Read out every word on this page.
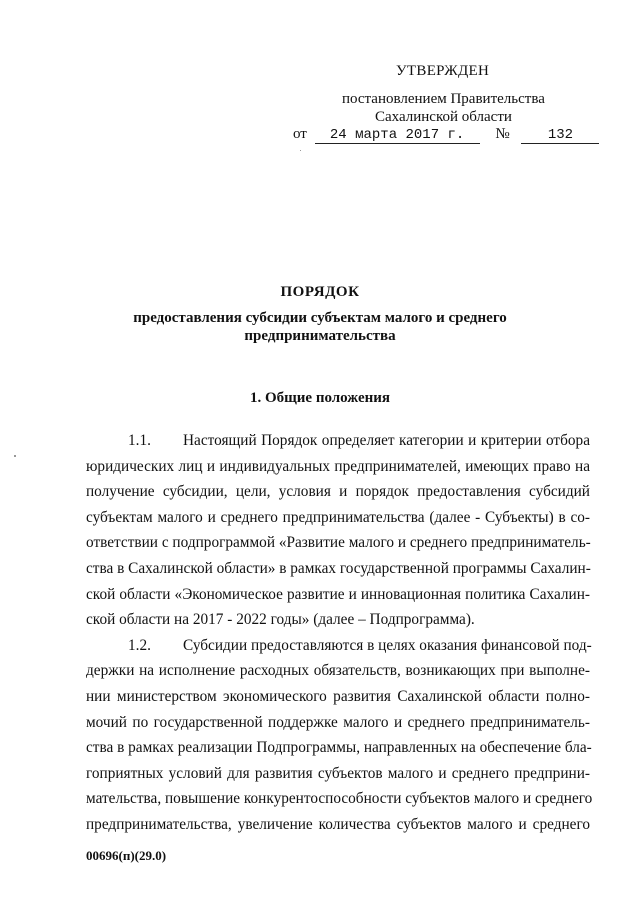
УТВЕРЖДЕН
постановлением Правительства
Сахалинской области
от 24 марта 2017 г. №	132
ПОРЯДОК
предоставления субсидии субъектам малого и среднего
предпринимательства
1. Общие положения
1.1.	Настоящий Порядок определяет категории и критерии отбора
юридических лиц и индивидуальных предпринимателей, имеющих право на
получение субсидии, цели, условия и порядок предоставления субсидий
субъектам малого и среднего предпринимательства (далее - Субъекты) в со-
ответствии с подпрограммой «Развитие малого и среднего предприниматель-
ства в Сахалинской области» в рамках государственной программы Сахалин-
ской области «Экономическое развитие и инновационная политика Сахалин-
ской области на 2017 - 2022 годы» (далее – Подпрограмма).
1.2.	Субсидии предоставляются в целях оказания финансовой под-
держки на исполнение расходных обязательств, возникающих при выполне-
нии министерством экономического развития Сахалинской области полно-
мочий по государственной поддержке малого и среднего предприниматель-
ства в рамках реализации Подпрограммы, направленных на обеспечение бла-
гоприятных условий для развития субъектов малого и среднего предприни-
мательства, повышение конкурентоспособности субъектов малого и среднего
предпринимательства, увеличение количества субъектов малого и среднего
00696(п)(29.0)
